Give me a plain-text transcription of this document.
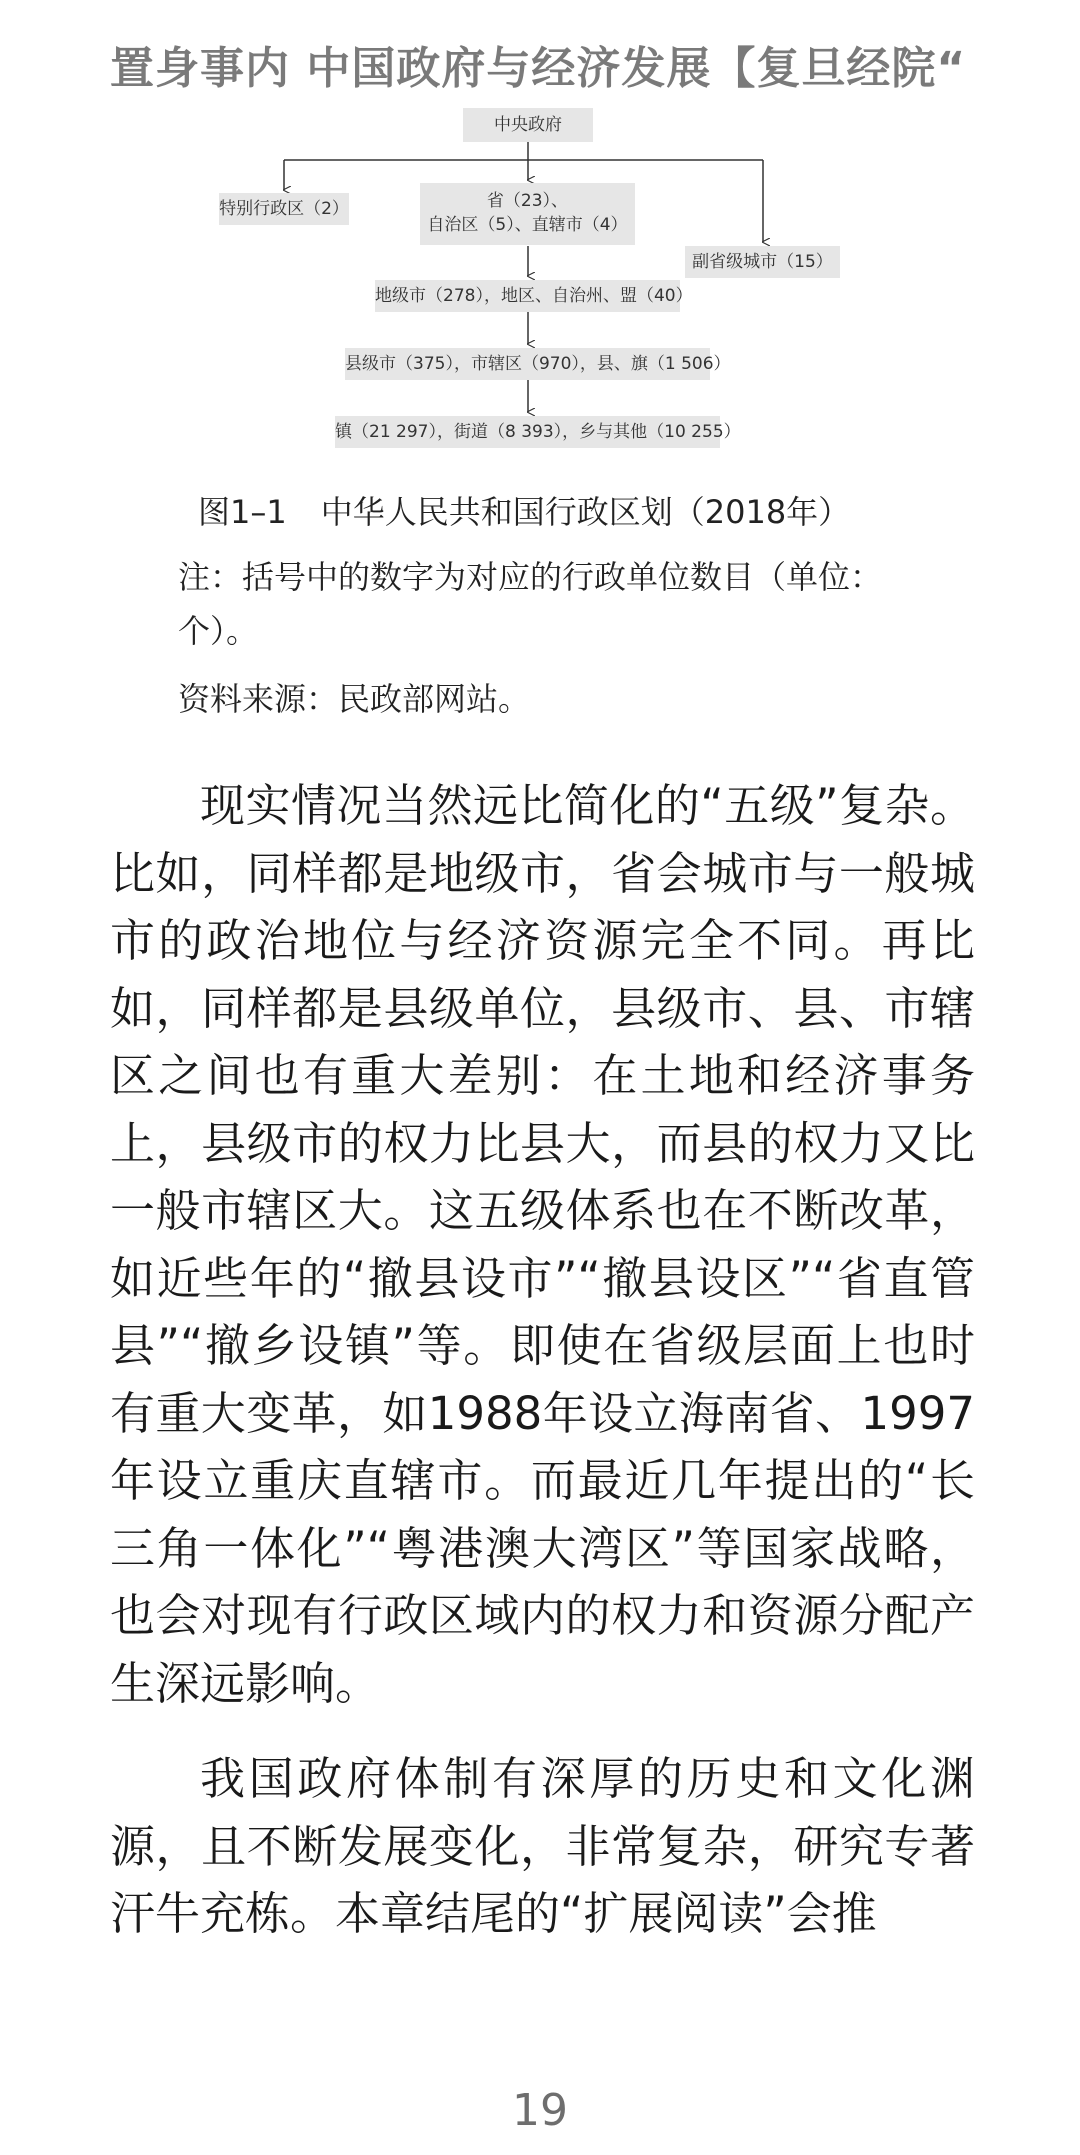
置身事内 中国政府与经济发展【复旦经院“
中央政府
特别行政区（2）	省（23）、
自治区（5）、直辖市（4）
副省级城市（15）
地级市（278），地区、自治州、盟（40）
县级市（375），市辖区（970），县、旗（1 506）
镇（21 297），街道（8 393），乡与其他（10 255）
图1–1 中华人民共和国行政区划（2018年）
注：括号中的数字为对应的行政单位数目（单位：个）。
资料来源：民政部网站。
现实情况当然远比简化的“五级”复杂。比如，同样都是地级市，省会城市与一般城市的政治地位与经济资源完全不同。再比如，同样都是县级单位，县级市、县、市辖区之间也有重大差别：在土地和经济事务上，县级市的权力比县大，而县的权力又比一般市辖区大。这五级体系也在不断改革，如近些年的“撤县设市”“撤县设区”“省直管县”“撤乡设镇”等。即使在省级层面上也时有重大变革，如1988年设立海南省、1997年设立重庆直辖市。而最近几年提出的“长三角一体化”“粤港澳大湾区”等国家战略，也会对现有行政区域内的权力和资源分配产生深远影响。
我国政府体制有深厚的历史和文化渊源，且不断发展变化，非常复杂，研究专著汗牛充栋。本章结尾的“扩展阅读”会推
19
